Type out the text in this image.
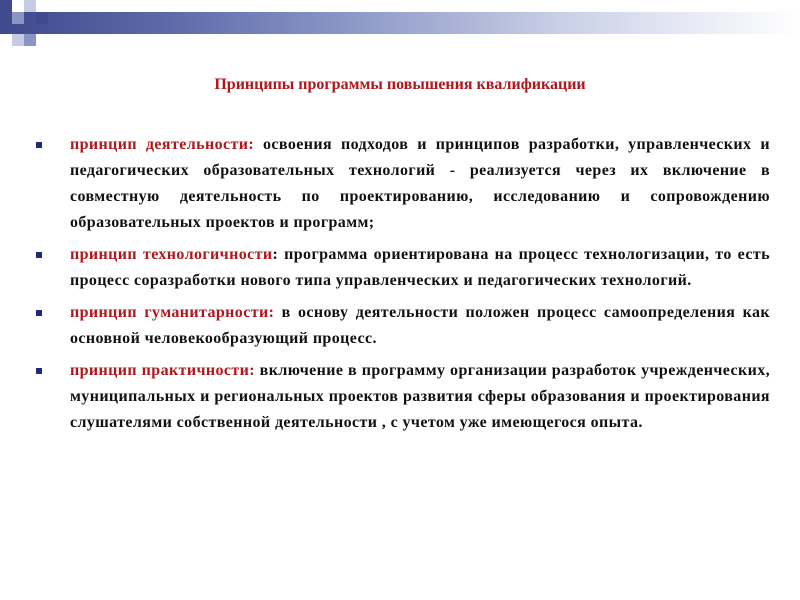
Принципы программы повышения квалификации
принцип деятельности: освоения подходов и принципов разработки, управленческих и педагогических образовательных технологий - реализуется через их включение в совместную деятельность по проектированию, исследованию и сопровождению образовательных проектов и программ;
принцип технологичности: программа ориентирована на процесс технологизации, то есть процесс соразработки нового типа управленческих и педагогических технологий.
принцип гуманитарности: в основу деятельности положен процесс самоопределения как основной человекообразующий процесс.
принцип практичности: включение в программу организации разработок учрежденческих, муниципальных и региональных проектов развития сферы образования и проектирования слушателями собственной деятельности , с учетом уже имеющегося опыта.
